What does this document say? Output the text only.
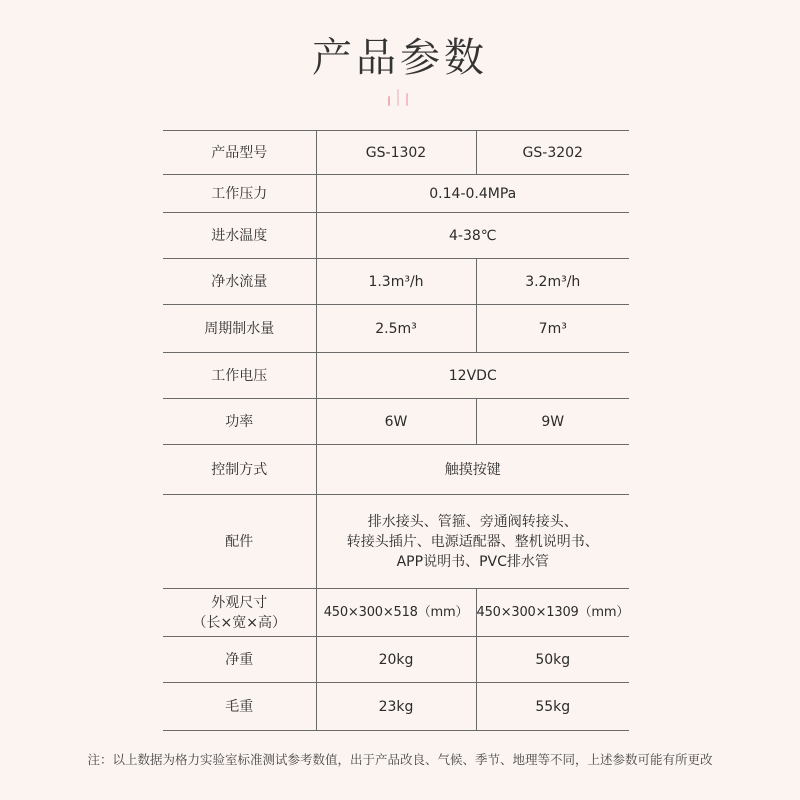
产品参数
产品型号	GS-1302	GS-3202
工作压力	0.14-0.4MPa	
进水温度	4-38℃	
净水流量	1.3m³/h	3.2m³/h
周期制水量	2.5m³	7m³
工作电压	12VDC	
功率	6W	9W
控制方式	触摸按键	
配件	排水接头、管箍、旁通阀转接头、
转接头插片、电源适配器、整机说明书、
APP说明书、PVC排水管	

外观尺寸
（长×宽×高）	450×300×518（mm）	450×300×1309（mm）
净重	20kg	50kg
毛重	23kg	55kg
注：以上数据为格力实验室标准测试参考数值，出于产品改良、气候、季节、地理等不同，上述参数可能有所更改
